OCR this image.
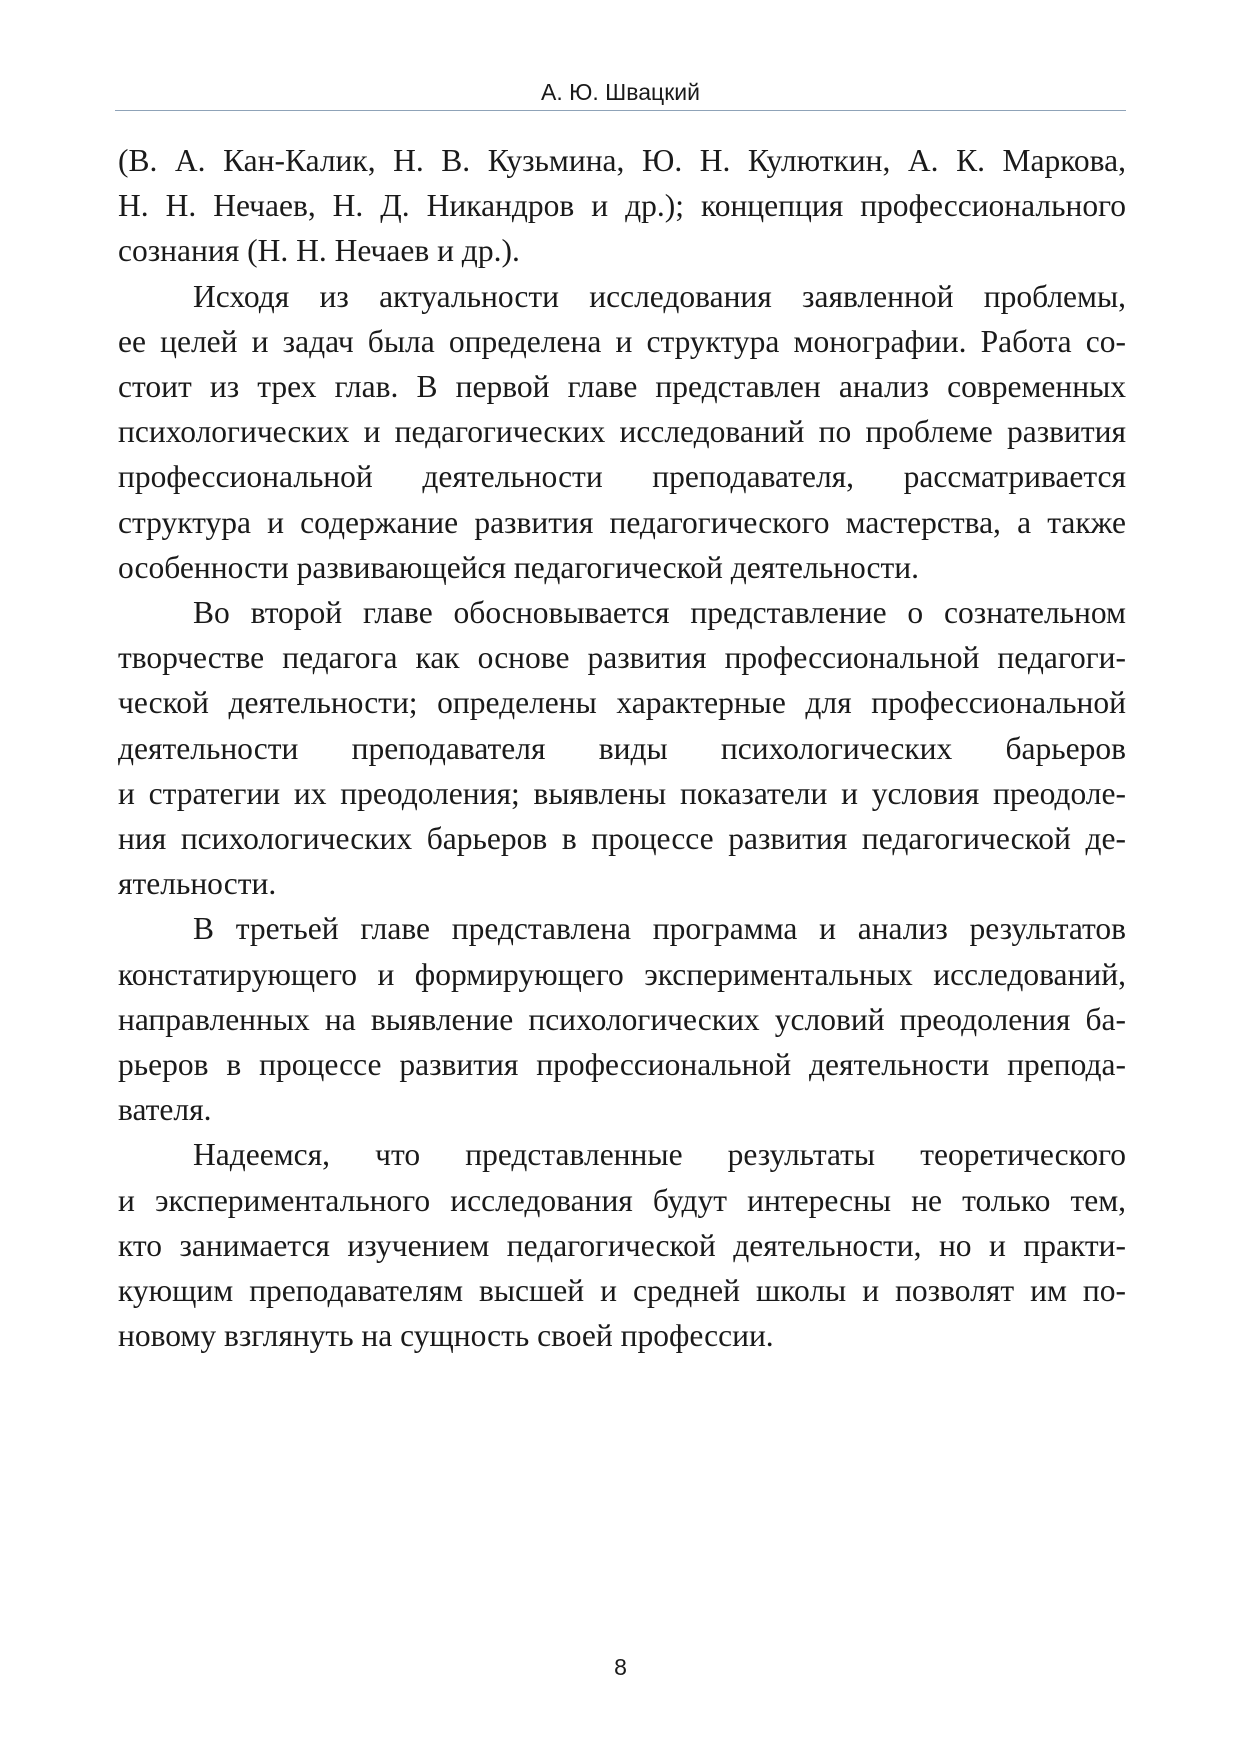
А. Ю. Швацкий

(В. А. Кан-Калик, Н. В. Кузьмина, Ю. Н. Кулюткин, А. К. Маркова,
Н. Н. Нечаев, Н. Д. Никандров и др.); концепция профессионального
сознания (Н. Н. Нечаев и др.).

Исходя из актуальности исследования заявленной проблемы,
ее целей и задач была определена и структура монографии. Работа со-
стоит из трех глав. В первой главе представлен анализ современных
психологических и педагогических исследований по проблеме развития
профессиональной деятельности преподавателя, рассматривается
структура и содержание развития педагогического мастерства, а также
особенности развивающейся педагогической деятельности.

Во второй главе обосновывается представление о сознательном
творчестве педагога как основе развития профессиональной педагоги-
ческой деятельности; определены характерные для профессиональной
деятельности преподавателя виды психологических барьеров
и стратегии их преодоления; выявлены показатели и условия преодоле-
ния психологических барьеров в процессе развития педагогической де-
ятельности.

В третьей главе представлена программа и анализ результатов
констатирующего и формирующего экспериментальных исследований,
направленных на выявление психологических условий преодоления ба-
рьеров в процессе развития профессиональной деятельности препода-
вателя.

Надеемся, что представленные результаты теоретического
и экспериментального исследования будут интересны не только тем,
кто занимается изучением педагогической деятельности, но и практи-
кующим преподавателям высшей и средней школы и позволят им по-
новому взглянуть на сущность своей профессии.

8
